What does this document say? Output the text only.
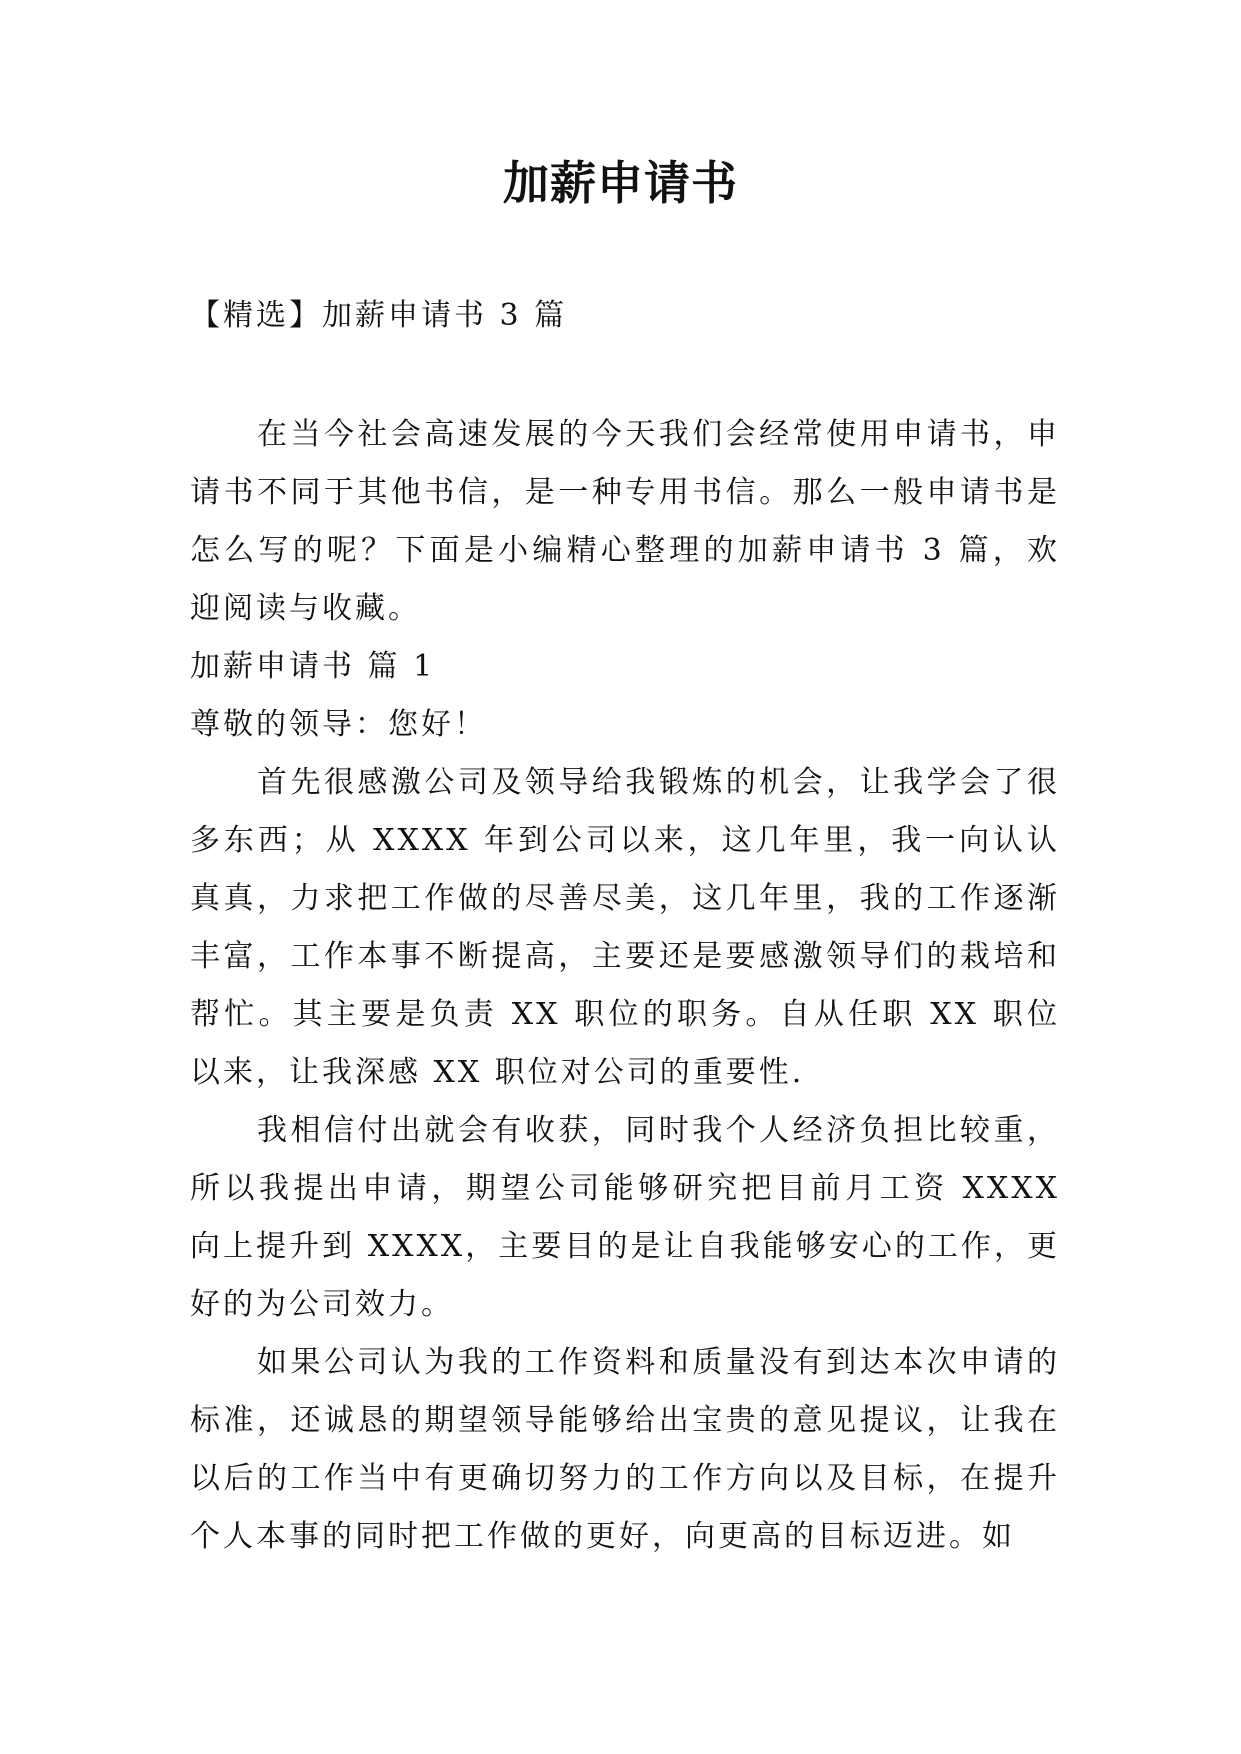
加薪申请书

【精选】加薪申请书 3 篇

在当今社会高速发展的今天我们会经常使用申请书，申请书不同于其他书信，是一种专用书信。那么一般申请书是怎么写的呢？下面是小编精心整理的加薪申请书 3 篇，欢迎阅读与收藏。

加薪申请书 篇 1

尊敬的领导：您好！

首先很感激公司及领导给我锻炼的机会，让我学会了很多东西；从 XXXX 年到公司以来，这几年里，我一向认认真真，力求把工作做的尽善尽美，这几年里，我的工作逐渐丰富，工作本事不断提高，主要还是要感激领导们的栽培和帮忙。其主要是负责 XX 职位的职务。自从任职 XX 职位以来，让我深感 XX 职位对公司的重要性.

我相信付出就会有收获，同时我个人经济负担比较重，所以我提出申请，期望公司能够研究把目前月工资 XXXX 向上提升到 XXXX，主要目的是让自我能够安心的工作，更好的为公司效力。

如果公司认为我的工作资料和质量没有到达本次申请的标准，还诚恳的期望领导能够给出宝贵的意见提议，让我在以后的工作当中有更确切努力的工作方向以及目标，在提升个人本事的同时把工作做的更好，向更高的目标迈进。如
